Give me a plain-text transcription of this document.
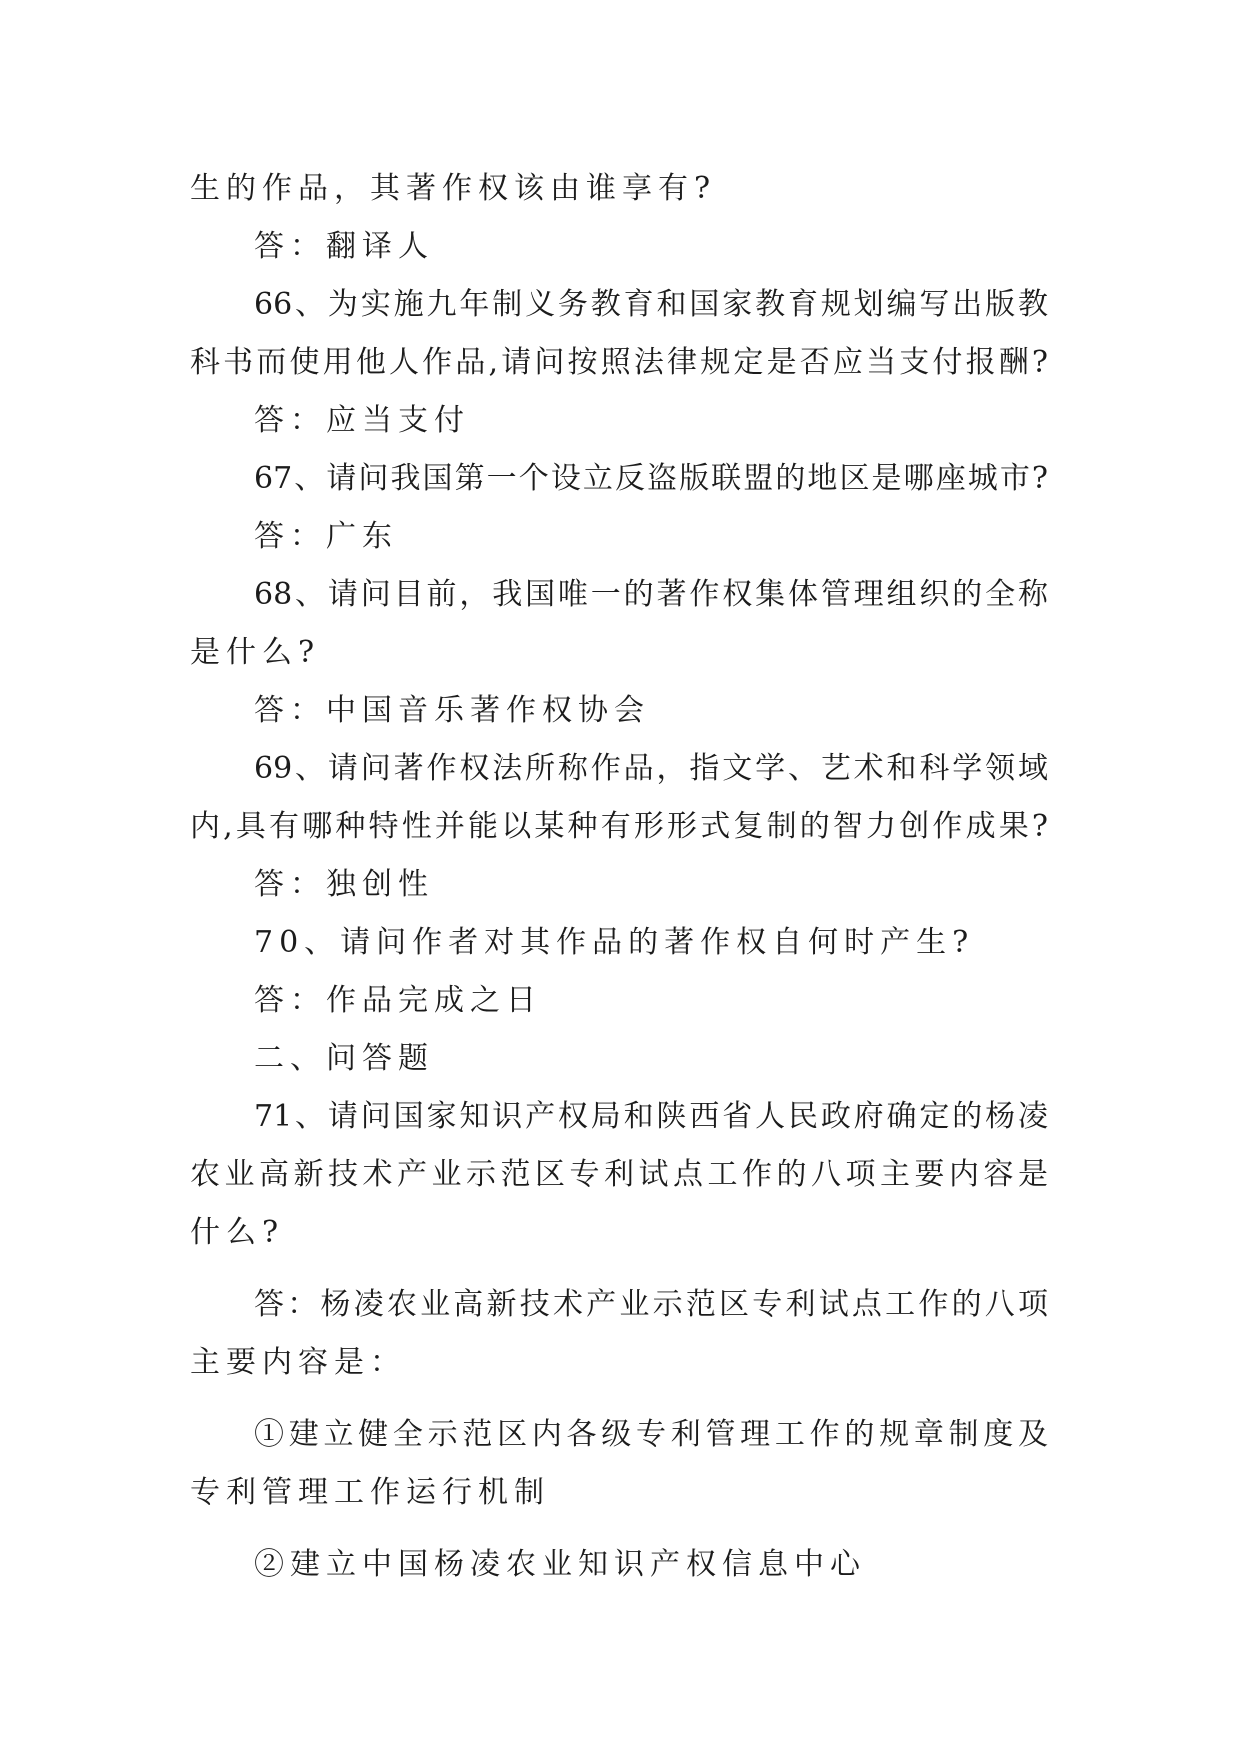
生的作品，其著作权该由谁享有?
答：翻译人
66、为实施九年制义务教育和国家教育规划编写出版教
科书而使用他人作品,请问按照法律规定是否应当支付报酬?
答：应当支付
67、请问我国第一个设立反盗版联盟的地区是哪座城市?
答：广东
68、请问目前，我国唯一的著作权集体管理组织的全称
是什么?
答：中国音乐著作权协会
69、请问著作权法所称作品，指文学、艺术和科学领域
内,具有哪种特性并能以某种有形形式复制的智力创作成果?
答：独创性
70、请问作者对其作品的著作权自何时产生?
答：作品完成之日
二、问答题
71、请问国家知识产权局和陕西省人民政府确定的杨凌
农业高新技术产业示范区专利试点工作的八项主要内容是
什么?
答：杨凌农业高新技术产业示范区专利试点工作的八项
主要内容是：
①建立健全示范区内各级专利管理工作的规章制度及
专利管理工作运行机制
②建立中国杨凌农业知识产权信息中心
